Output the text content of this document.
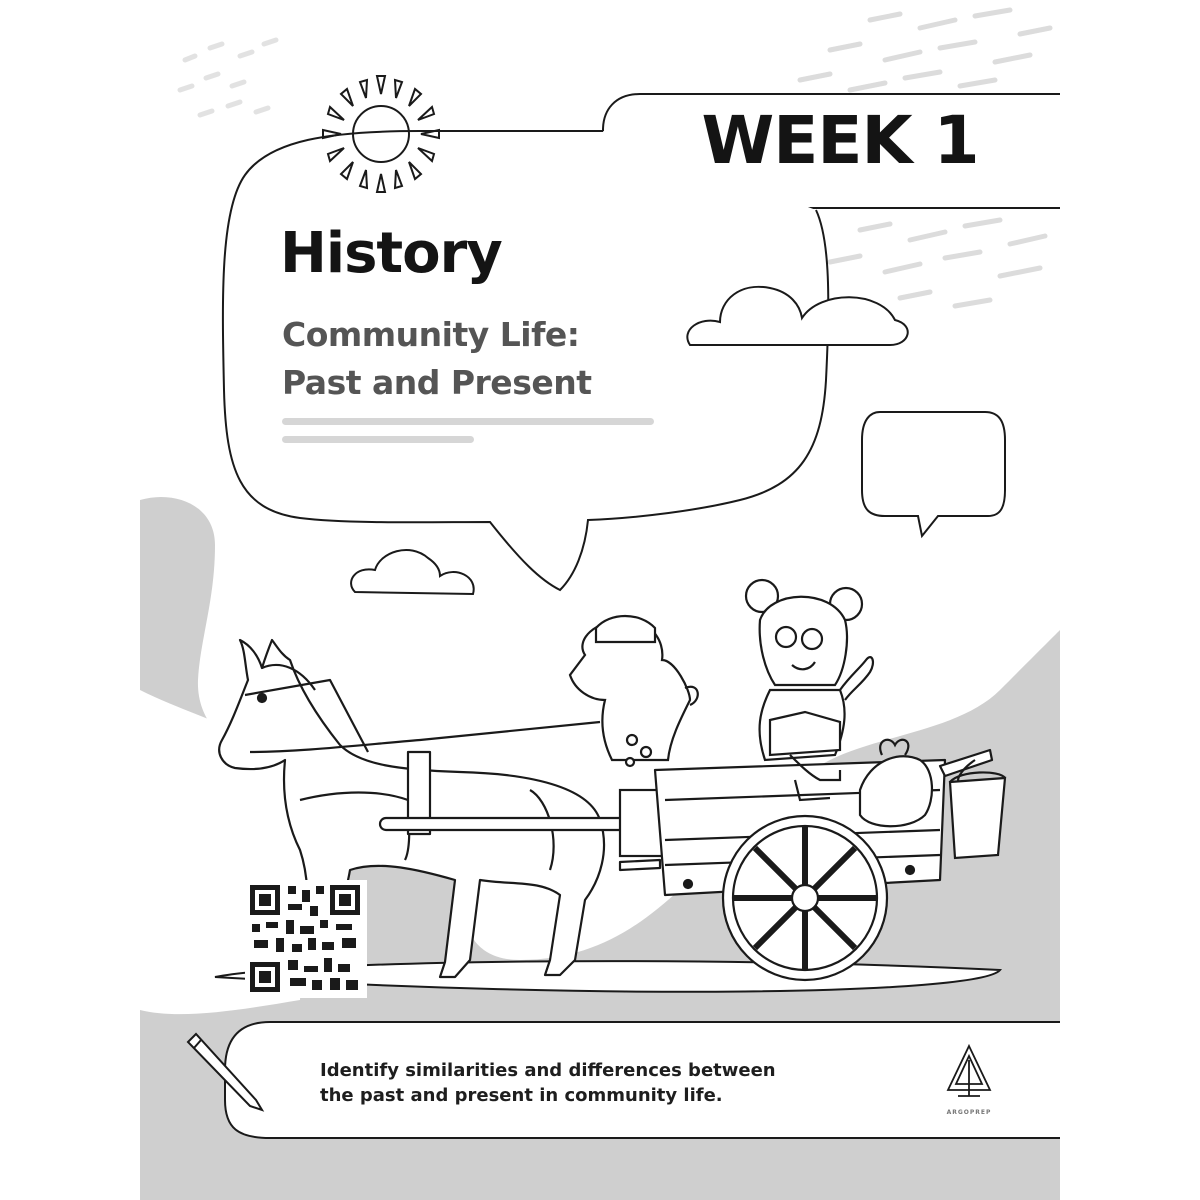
WEEK 1
History
Community Life:
Past and Present
Identify similarities and differences between
the past and present in community life.
ARGOPREP
